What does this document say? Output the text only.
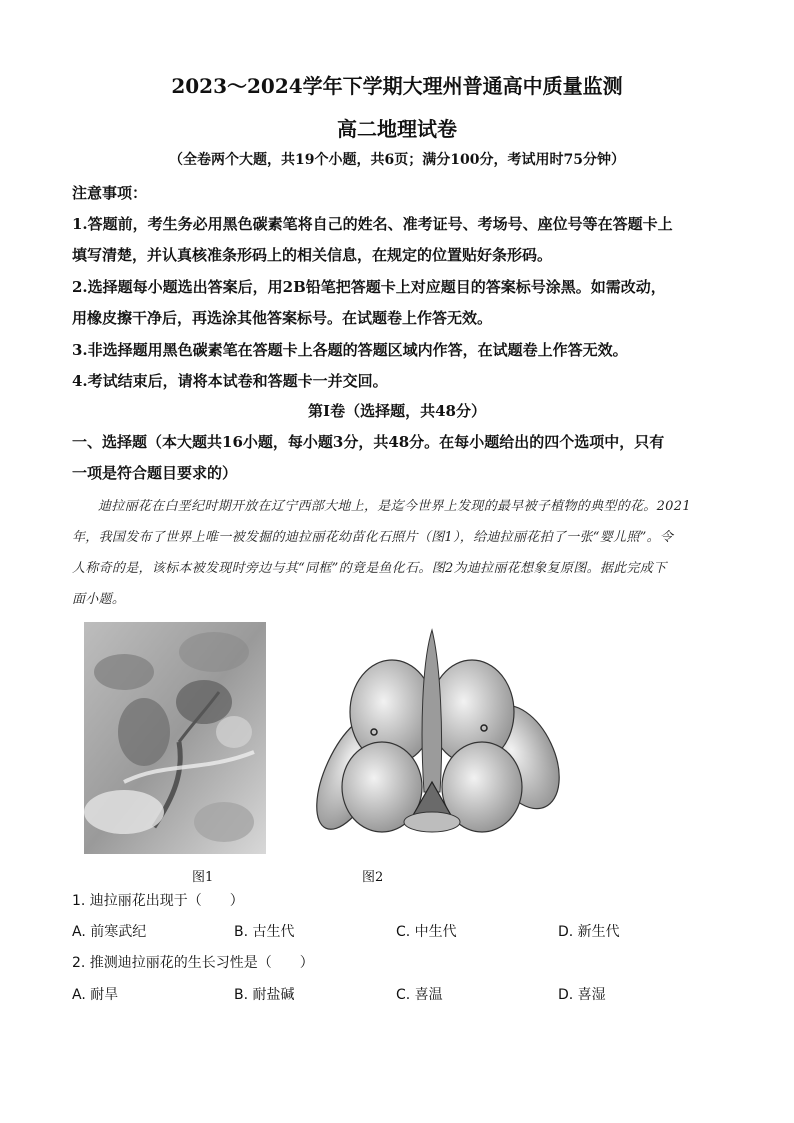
2023～2024学年下学期大理州普通高中质量监测
高二地理试卷
（全卷两个大题，共19个小题，共6页；满分100分，考试用时75分钟）
注意事项：
1.答题前，考生务必用黑色碳素笔将自己的姓名、准考证号、考场号、座位号等在答题卡上
填写清楚，并认真核准条形码上的相关信息，在规定的位置贴好条形码。
2.选择题每小题选出答案后，用2B铅笔把答题卡上对应题目的答案标号涂黑。如需改动，
用橡皮擦干净后，再选涂其他答案标号。在试题卷上作答无效。
3.非选择题用黑色碳素笔在答题卡上各题的答题区域内作答，在试题卷上作答无效。
4.考试结束后，请将本试卷和答题卡一并交回。
第Ⅰ卷（选择题，共48分）
一、选择题（本大题共16小题，每小题3分，共48分。在每小题给出的四个选项中，只有
一项是符合题目要求的）
迪拉丽花在白垩纪时期开放在辽宁西部大地上，是迄今世界上发现的最早被子植物的典型的花。2021
年，我国发布了世界上唯一被发掘的迪拉丽花幼苗化石照片（图1），给迪拉丽花拍了一张“婴儿照”。令
人称奇的是，该标本被发现时旁边与其“同框”的竟是鱼化石。图2为迪拉丽花想象复原图。据此完成下
面小题。
图1	图2
1. 迪拉丽花出现于（　　）
A. 前寒武纪	B. 古生代	C. 中生代	D. 新生代
2. 推测迪拉丽花的生长习性是（　　）
A. 耐旱	B. 耐盐碱	C. 喜温	D. 喜湿
